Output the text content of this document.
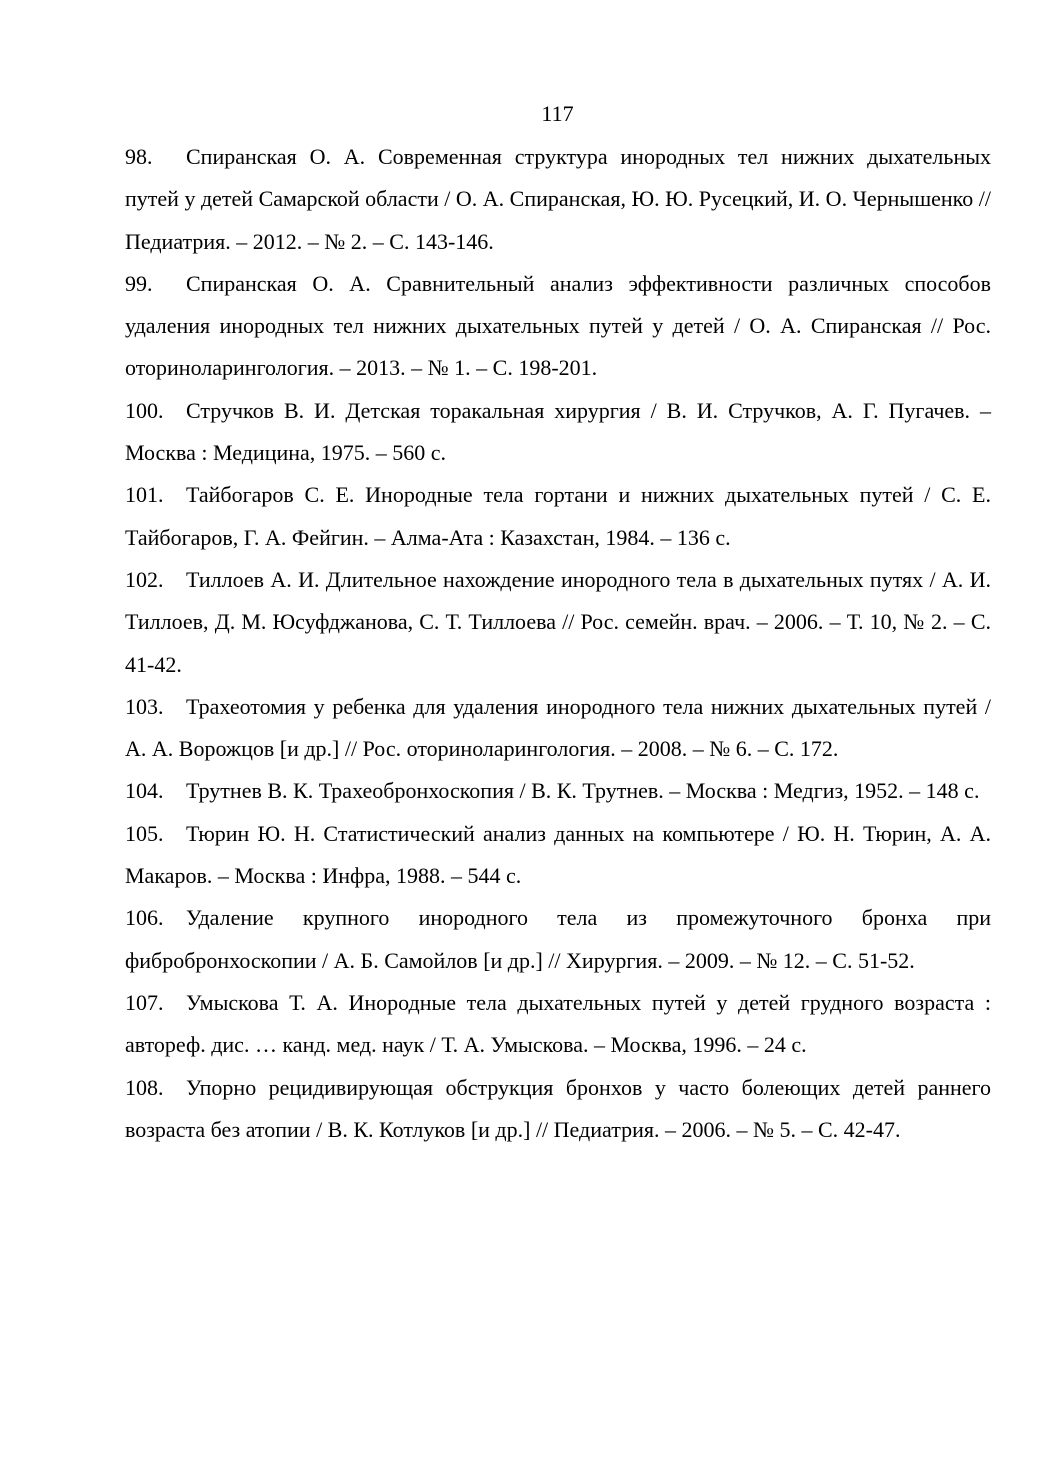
117

98. Спиранская О. А. Современная структура инородных тел нижних дыхательных путей у детей Самарской области / О. А. Спиранская, Ю. Ю. Русецкий, И. О. Чернышенко // Педиатрия. – 2012. – № 2. – С. 143-146.

99. Спиранская О. А. Сравнительный анализ эффективности различных способов удаления инородных тел нижних дыхательных путей у детей / О. А. Спиранская // Рос. оториноларингология. – 2013. – № 1. – С. 198-201.

100. Стручков В. И. Детская торакальная хирургия / В. И. Стручков, А. Г. Пугачев. – Москва : Медицина, 1975. – 560 с.

101. Тайбогаров С. Е. Инородные тела гортани и нижних дыхательных путей / С. Е. Тайбогаров, Г. А. Фейгин. – Алма-Ата : Казахстан, 1984. – 136 с.

102. Тиллоев А. И. Длительное нахождение инородного тела в дыхательных путях / А. И. Тиллоев, Д. М. Юсуфджанова, С. Т. Тиллоева // Рос. семейн. врач. – 2006. – Т. 10, № 2. – С. 41-42.

103. Трахеотомия у ребенка для удаления инородного тела нижних дыхательных путей / А. А. Ворожцов [и др.] // Рос. оториноларингология. – 2008. – № 6. – С. 172.

104. Трутнев В. К. Трахеобронхоскопия / В. К. Трутнев. – Москва : Медгиз, 1952. – 148 с.

105. Тюрин Ю. Н. Статистический анализ данных на компьютере / Ю. Н. Тюрин, А. А. Макаров. – Москва : Инфра, 1988. – 544 с.

106. Удаление крупного инородного тела из промежуточного бронха при фибробронхоскопии / А. Б. Самойлов [и др.] // Хирургия. – 2009. – № 12. – С. 51-52.

107. Умыскова Т. А. Инородные тела дыхательных путей у детей грудного возраста : автореф. дис. … канд. мед. наук / Т. А. Умыскова. – Москва, 1996. – 24 с.

108. Упорно рецидивирующая обструкция бронхов у часто болеющих детей раннего возраста без атопии / В. К. Котлуков [и др.] // Педиатрия. – 2006. – № 5. – С. 42-47.
